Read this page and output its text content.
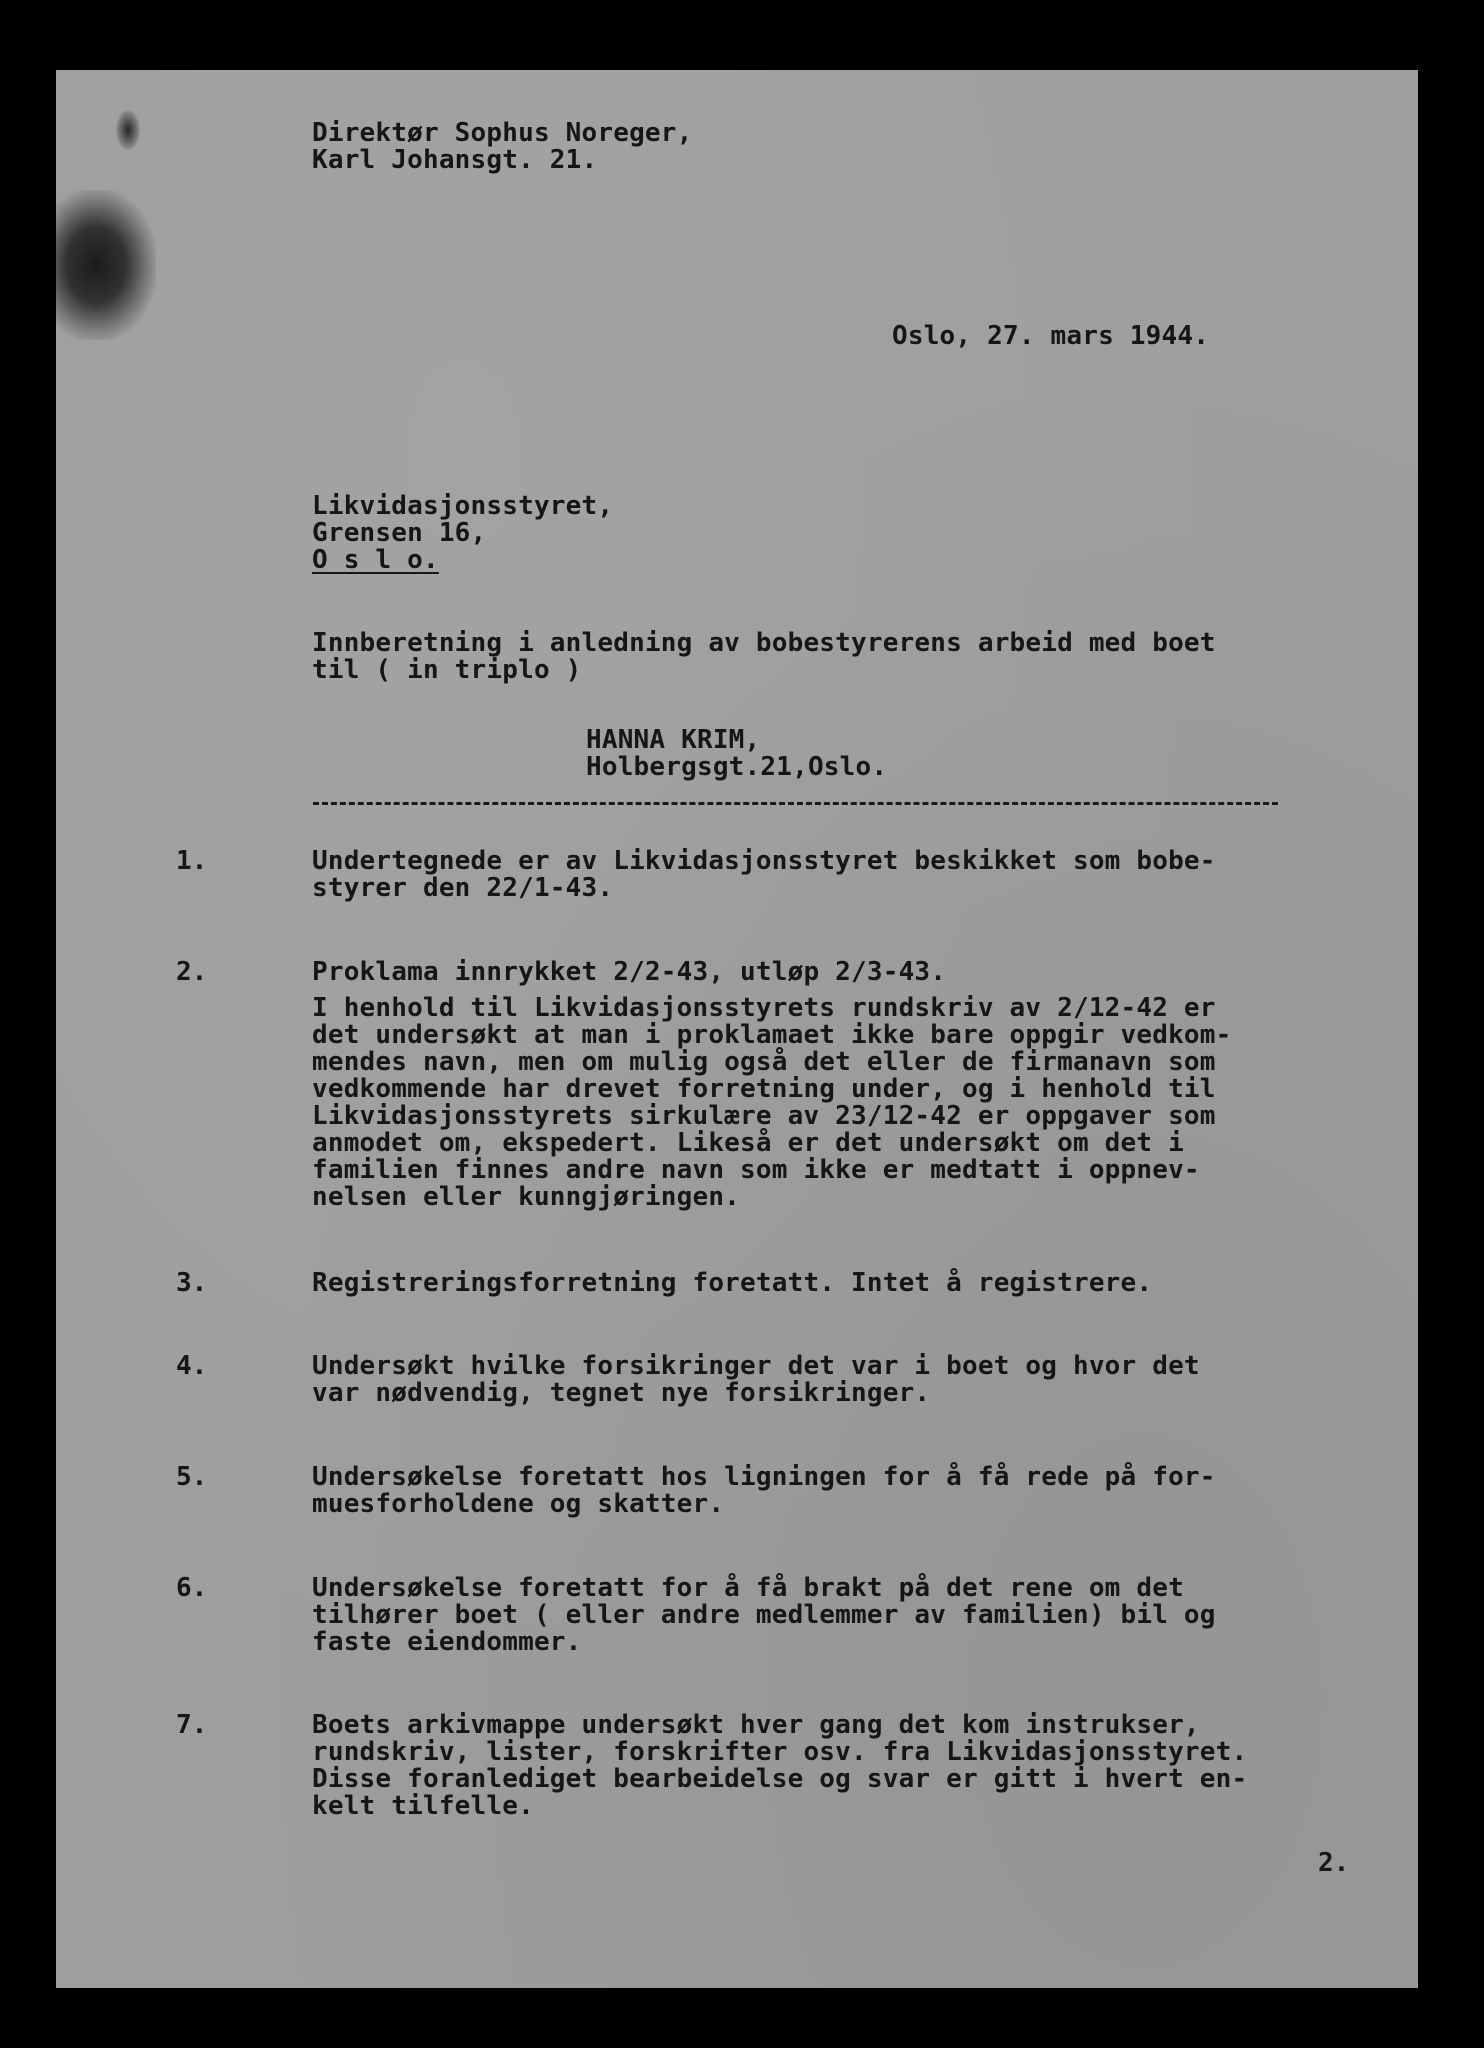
Direktør Sophus Noreger,

Karl Johansgt. 21.

Oslo, 27. mars 1944.

Likvidasjonsstyret,

Grensen 16,

O s l o.

Innberetning i anledning av bobestyrerens arbeid med boet

til ( in triplo )

HANNA KRIM,

Holbergsgt.21,Oslo.

1.	Undertegnede er av Likvidasjonsstyret beskikket som bobe-

styrer den 22/1-43.

2.	Proklama innrykket 2/2-43, utløp 2/3-43.

I henhold til Likvidasjonsstyrets rundskriv av 2/12-42 er

det undersøkt at man i proklamaet ikke bare oppgir vedkom-

mendes navn, men om mulig også det eller de firmanavn som

vedkommende har drevet forretning under, og i henhold til

Likvidasjonsstyrets sirkulære av 23/12-42 er oppgaver som

anmodet om, ekspedert. Likeså er det undersøkt om det i

familien finnes andre navn som ikke er medtatt i oppnev-

nelsen eller kunngjøringen.

3.	Registreringsforretning foretatt. Intet å registrere.

4.	Undersøkt hvilke forsikringer det var i boet og hvor det

var nødvendig, tegnet nye forsikringer.

5.	Undersøkelse foretatt hos ligningen for å få rede på for-

muesforholdene og skatter.

6.	Undersøkelse foretatt for å få brakt på det rene om det

tilhører boet ( eller andre medlemmer av familien) bil og

faste eiendommer.

7.	Boets arkivmappe undersøkt hver gang det kom instrukser,

rundskriv, lister, forskrifter osv. fra Likvidasjonsstyret.

Disse foranlediget bearbeidelse og svar er gitt i hvert en-

kelt tilfelle.

2.
